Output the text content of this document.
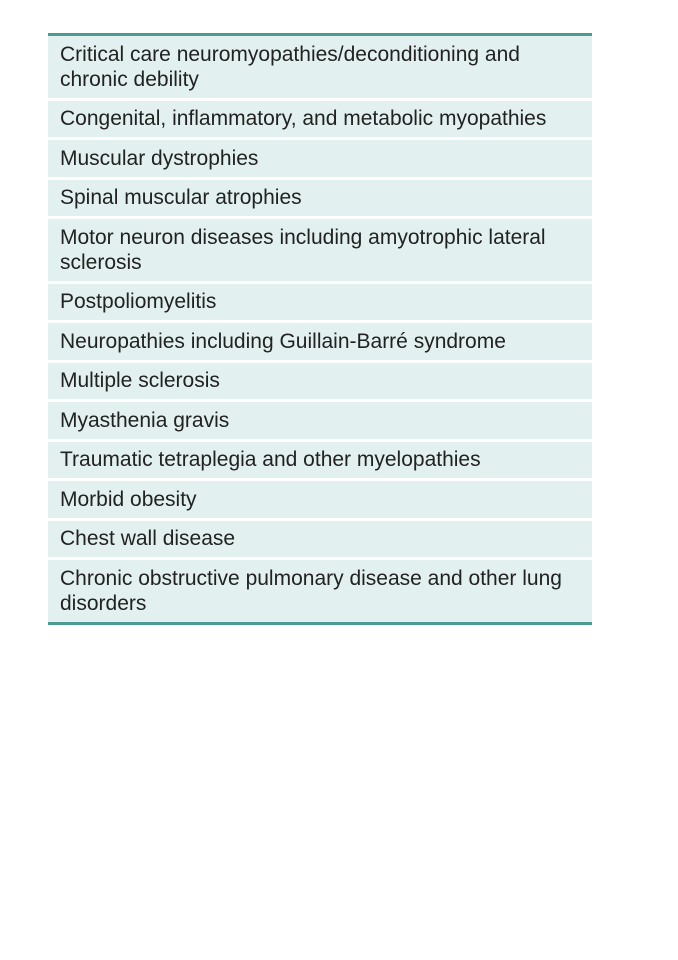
Critical care neuromyopathies/deconditioning and chronic debility
Congenital, inflammatory, and metabolic myopathies
Muscular dystrophies
Spinal muscular atrophies
Motor neuron diseases including amyotrophic lateral sclerosis
Postpoliomyelitis
Neuropathies including Guillain-Barré syndrome
Multiple sclerosis
Myasthenia gravis
Traumatic tetraplegia and other myelopathies
Morbid obesity
Chest wall disease
Chronic obstructive pulmonary disease and other lung disorders
